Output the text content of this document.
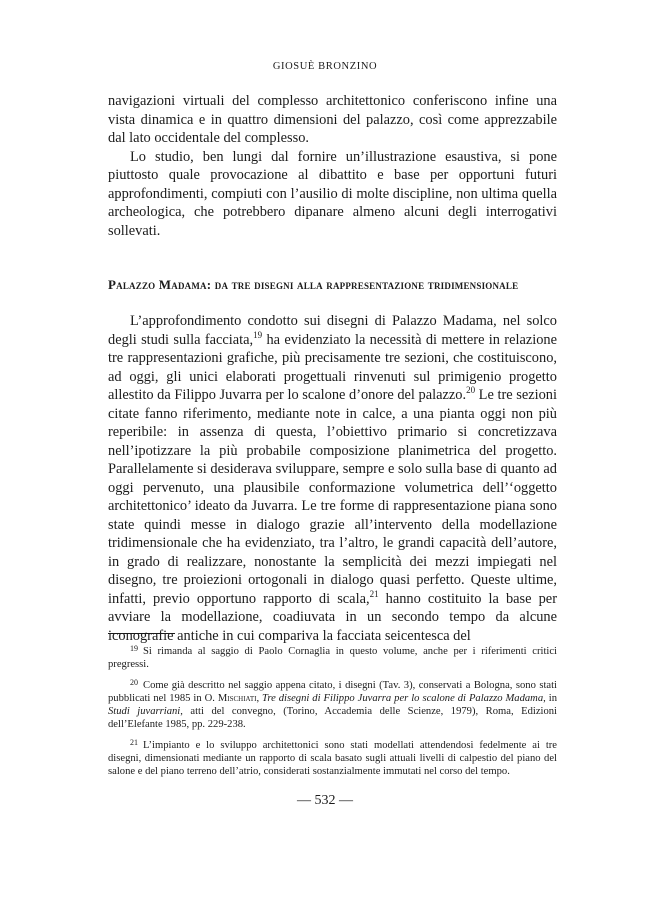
GIOSUÈ BRONZINO

navigazioni virtuali del complesso architettonico conferiscono infine una vista dinamica e in quattro dimensioni del palazzo, così come apprezzabile dal lato occidentale del complesso.

Lo studio, ben lungi dal fornire un’illustrazione esaustiva, si pone piuttosto quale provocazione al dibattito e base per opportuni futuri approfondimenti, compiuti con l’ausilio di molte discipline, non ultima quella archeologica, che potrebbero dipanare almeno alcuni degli interrogativi sollevati.

Palazzo Madama: da tre disegni alla rappresentazione tridimensionale

L’approfondimento condotto sui disegni di Palazzo Madama, nel solco degli studi sulla facciata,$^{19}$ ha evidenziato la necessità di mettere in relazione tre rappresentazioni grafiche, più precisamente tre sezioni, che costituiscono, ad oggi, gli unici elaborati progettuali rinvenuti sul primigenio progetto allestito da Filippo Juvarra per lo scalone d’onore del palazzo.$^{20}$ Le tre sezioni citate fanno riferimento, mediante note in calce, a una pianta oggi non più reperibile: in assenza di questa, l’obiettivo primario si concretizzava nell’ipotizzare la più probabile composizione planimetrica del progetto. Parallelamente si desiderava sviluppare, sempre e solo sulla base di quanto ad oggi pervenuto, una plausibile conformazione volumetrica dell’‘oggetto architettonico’ ideato da Juvarra. Le tre forme di rappresentazione piana sono state quindi messe in dialogo grazie all’intervento della modellazione tridimensionale che ha evidenziato, tra l’altro, le grandi capacità dell’autore, in grado di realizzare, nonostante la semplicità dei mezzi impiegati nel disegno, tre proiezioni ortogonali in dialogo quasi perfetto. Queste ultime, infatti, previo opportuno rapporto di scala,$^{21}$ hanno costituito la base per avviare la modellazione, coadiuvata in un secondo tempo da alcune iconografie antiche in cui compariva la facciata seicentesca del

$^{19}$ Si rimanda al saggio di Paolo Cornaglia in questo volume, anche per i riferimenti critici pregressi.

$^{20}$ Come già descritto nel saggio appena citato, i disegni (Tav. 3), conservati a Bologna, sono stati pubblicati nel 1985 in O. Mischiati, Tre disegni di Filippo Juvarra per lo scalone di Palazzo Madama, in Studi juvarriani, atti del convegno, (Torino, Accademia delle Scienze, 1979), Roma, Edizioni dell’Elefante 1985, pp. 229-238.

$^{21}$ L’impianto e lo sviluppo architettonici sono stati modellati attendendosi fedelmente ai tre disegni, dimensionati mediante un rapporto di scala basato sugli attuali livelli di calpestio del piano del salone e del piano terreno dell’atrio, considerati sostanzialmente immutati nel corso del tempo.

— 532 —
